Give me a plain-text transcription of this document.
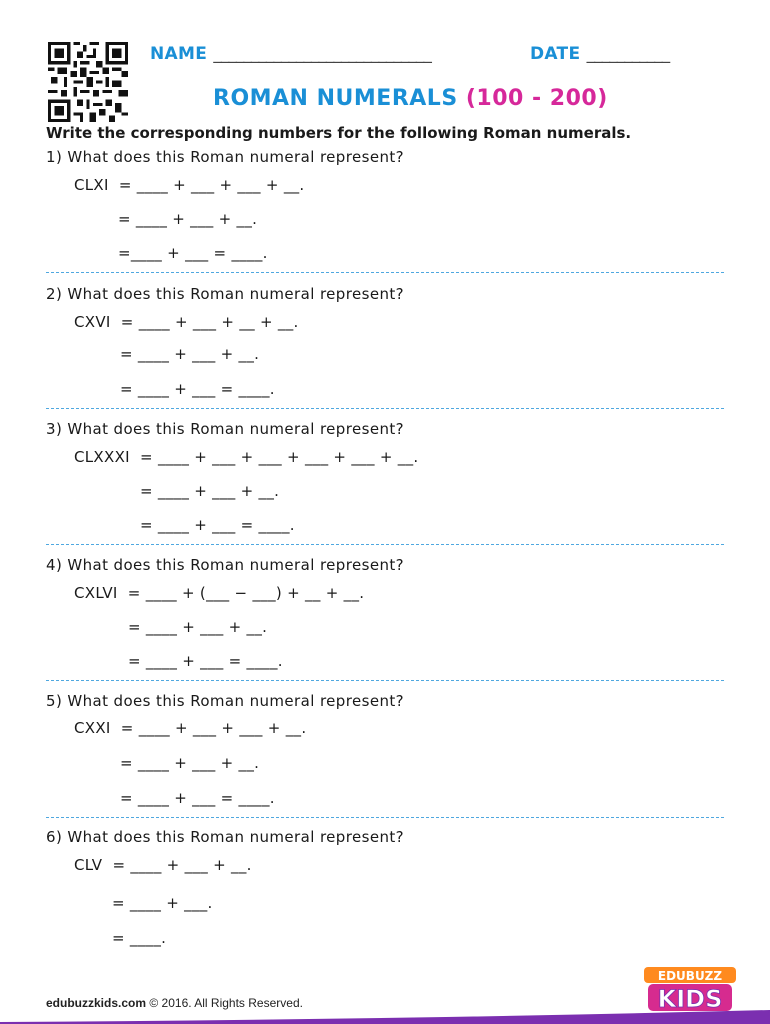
NAME _____________________________	DATE ___________
ROMAN NUMERALS (100 - 200)
Write the corresponding numbers for the following Roman numerals.
1) What does this Roman numeral represent?
CLXI  = ____ + ___ + ___ + __.
= ____ + ___ + __.
=____ + ___ = ____.
2) What does this Roman numeral represent?
CXVI  = ____ + ___ + __ + __.
= ____ + ___ + __.
= ____ + ___ = ____.
3) What does this Roman numeral represent?
CLXXXI  = ____ + ___ + ___ + ___ + ___ + __.
= ____ + ___ + __.
= ____ + ___ = ____.
4) What does this Roman numeral represent?
CXLVI  = ____ + (___ − ___) + __ + __.
= ____ + ___ + __.
= ____ + ___ = ____.
5) What does this Roman numeral represent?
CXXI  = ____ + ___ + ___ + __.
= ____ + ___ + __.
= ____ + ___ = ____.
6) What does this Roman numeral represent?
CLV  = ____ + ___ + __.
= ____ + ___.
= ____.
edubuzzkids.com © 2016. All Rights Reserved.
EDUBUZZ
KIDS
